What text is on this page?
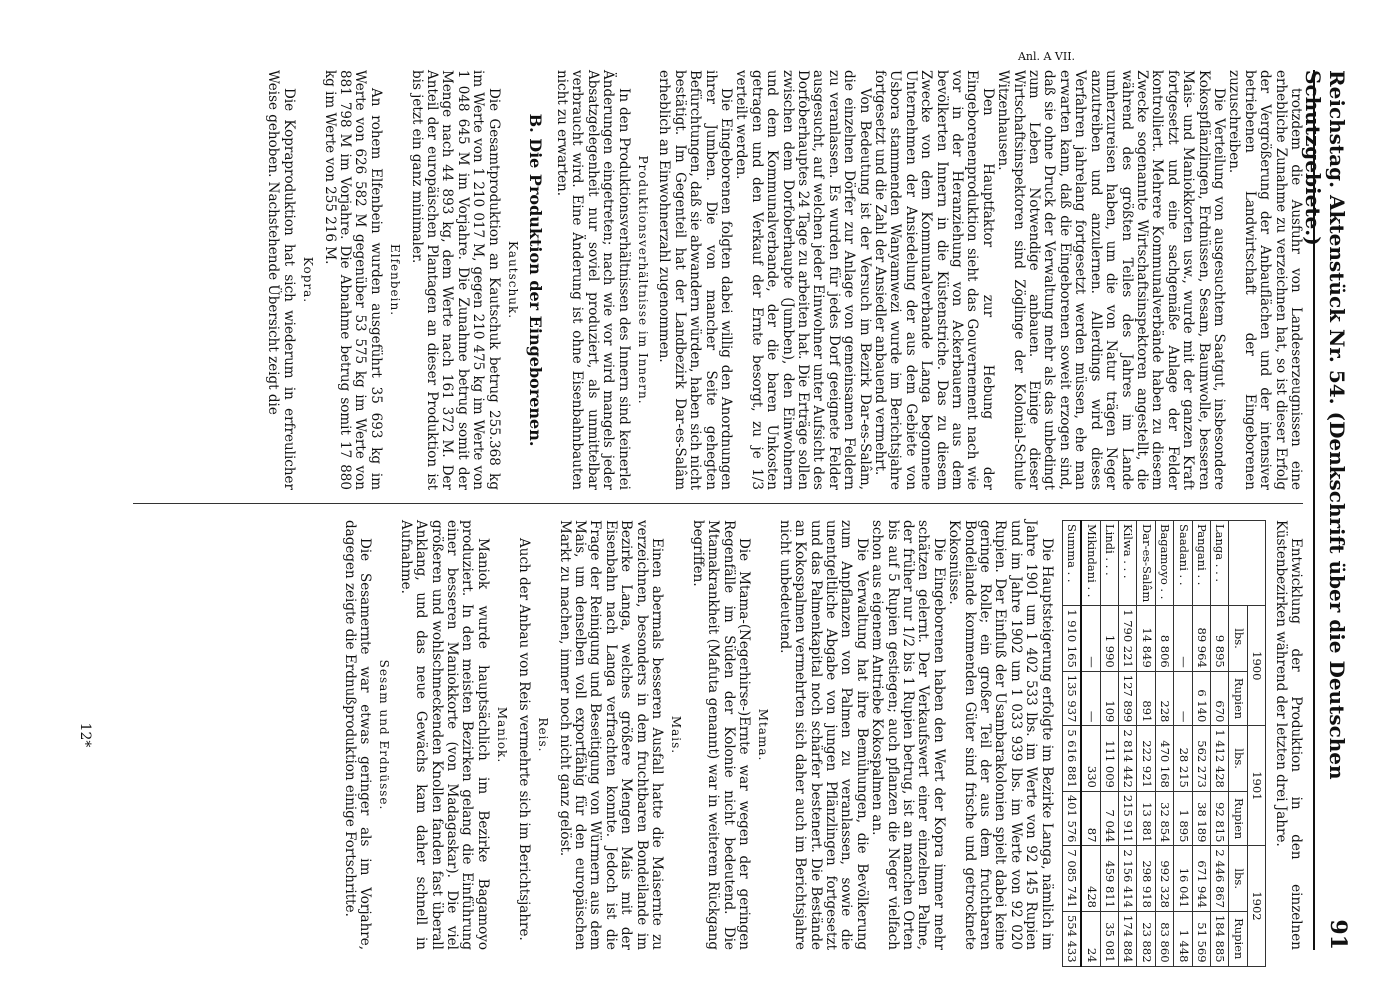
Reichstag. Aktenstück Nr. 54. (Denkschrift über die Deutschen Schutzgebiete.)
91
Anl. A VII.

trotzdem die Ausfuhr von Landeserzeugnissen eine erhebliche Zunahme zu verzeichnen hat, so ist dieser Erfolg der Vergrößerung der Anbauflächen und der intensiver betriebenen Landwirtschaft der Eingeborenen zuzuschreiben.

Die Verteilung von ausgesuchtem Saatgut, insbesondere Kokospflänzlingen, Erdnüssen, Sesam, Baumwolle, besseren Mais- und Maniokkorten usw., wurde mit der ganzen Kraft fortgesetzt und eine sachgemäße Anlage der Felder kontrolliert. Mehrere Kommunalverbände haben zu diesem Zwecke sogenannte Wirtschaftsinspektoren angestellt, die während des größten Teiles des Jahres im Lande umherzureisen haben, um die von Natur trägen Neger anzutreiben und anzulernen. Allerdings wird dieses Verfahren jahrelang fortgesetzt werden müssen, ehe man erwarten kann, daß die Eingeborenen soweit erzogen sind, daß sie ohne Druck der Verwaltung mehr als das unbedingt zum Leben Notwendige anbauen. Einige dieser Wirtschaftsinspektoren sind Zöglinge der Kolonial-Schule Witzenhausen.

Den Hauptfaktor zur Hebung der Eingeborenenproduktion sieht das Gouvernement nach wie vor in der Heranziehung von Ackerbauern aus dem bevölkerten Innern in die Küstenstriche. Das zu diesem Zwecke von dem Kommunalverbande Langa begonnene Unternehmen der Ansiedelung der aus dem Gebiete von Usbora stammenden Wanyamwezi wurde im Berichtsjahre fortgesetzt und die Zahl der Ansiedler anbauend vermehrt.

Von Bedeutung ist der Versuch im Bezirk Dar-es-Salâm, die einzelnen Dörfer zur Anlage von gemeinsamen Feldern zu veranlassen. Es wurden für jedes Dorf geeignete Felder ausgesucht, auf welchen jeder Einwohner unter Aufsicht des Dorfoberhauptes 24 Tage zu arbeiten hat. Die Erträge sollen zwischen dem Dorfoberhaupte (Jumben), den Einwohnern und dem Kommunalverbande, der die baren Unkosten getragen und den Verkauf der Ernte besorgt, zu je 1/3 verteilt werden.

Die Eingeborenen folgten dabei willig den Anordnungen ihrer Jumben. Die von mancher Seite gehegten Befürchtungen, daß sie abwandern würden, haben sich nicht bestätigt. Im Gegenteil hat der Landbezirk Dar-es-Salâm erheblich an Einwohnerzahl zugenommen.

Produktionsverhältnisse im Innern.

In den Produktionsverhältnissen des Innern sind keinerlei Änderungen eingetreten; nach wie vor wird mangels jeder Absatzgelegenheit nur soviel produziert, als unmittelbar verbraucht wird. Eine Änderung ist ohne Eisenbahnbauten nicht zu erwarten.

B. Die Produktion der Eingeborenen.
Kautschuk.

Die Gesamtproduktion an Kautschuk betrug 255.368 kg im Werte von 1 210 017 M, gegen 210 475 kg im Werte von 1 048 645 M im Vorjahre. Die Zunahme betrug somit der Menge nach 44 893 kg, dem Werte nach 161 372 M. Der Anteil der europäischen Plantagen an dieser Produktion ist bis jetzt ein ganz minimaler.

Elfenbein.

An rohem Elfenbein wurden ausgeführt 35 693 kg im Werte von 626 582 M gegenüber 53 575 kg im Werte von 881 798 M im Vorjahre. Die Abnahme betrug somit 17 880 kg im Werte von 255 216 M.

Kopra.

Die Kopraproduktion hat sich wiederum in erfreulicher Weise gehoben. Nachstehende Übersicht zeigt die

Entwicklung der Produktion in den einzelnen Küstenbezirken während der letzten drei Jahre.

	1900		1901		1902	
	lbs.	Rupien	lbs.	Rupien	lbs.	Rupien
Langa . . .	9 895	670	1 412 428	92 815	2 446 867	184 885
Pangani . .	89 964	6 140	562 273	38 189	671 944	51 569
Saadani . .	—	—	28 215	1 895	16 041	1 448
Bagamoyo . .	8 806	228	470 168	32 854	992 328	83 860
Dar-es-Salâm	14 849	891	222 921	13 881	298 918	23 882
Kilwa . . .	1 790 221	127 899	2 814 442	215 911	2 156 414	174 884
Lindi . . .	1 990	109	111 009	7 044	459 811	35 081
Mikindani . .	—	—	330	87	428	24
Summa . .	1 910 165	135 937	5 616 881	401 576	7 085 741	554 433

Die Hauptsteigerung erfolgte im Bezirke Langa, nämlich im Jahre 1901 um 1 402 533 lbs. im Werte von 92 145 Rupien und im Jahre 1902 um 1 033 939 lbs. im Werte von 92 020 Rupien. Der Einfluß der Usambarakolonien spielt dabei keine geringe Rolle; ein großer Teil der aus dem fruchtbaren Bondeilande kommenden Güter sind frische und getrocknete Kokosnüsse.

Die Eingeborenen haben den Wert der Kopra immer mehr schätzen gelernt. Der Verkaufswert einer einzelnen Palme, der früher nur 1/2 bis 1 Rupien betrug, ist an manchen Orten bis auf 5 Rupien gestiegen; auch pflanzen die Neger vielfach schon aus eigenem Antriebe Kokospalmen an.

Die Verwaltung hat ihre Bemühungen, die Bevölkerung zum Anpflanzen von Palmen zu veranlassen, sowie die unentgeltliche Abgabe von jungen Pflänzlingen fortgesetzt und das Palmenkapital noch schärfer bestenert. Die Bestände an Kokospalmen vermehrten sich daher auch im Berichtsjahre nicht unbedeutend.

Mtama.

Die Mtama-(Negerhirse-)Ernte war wegen der geringen Regenfälle im Süden der Kolonie nicht bedeutend. Die Mtamakrankheit (Mafuta genannt) war in weiterem Rückgang begriffen.

Mais.

Einen abermals besseren Ausfall hatte die Maisernte zu verzeichnen, besonders in dem fruchtbaren Bondeilande im Bezirke Langa, welches größere Mengen Mais mit der Eisenbahn nach Langa verfrachten konnte. Jedoch ist die Frage der Reinigung und Beseitigung von Würmern aus dem Mais, um denselben voll exportfähig für den europäischen Markt zu machen, immer noch nicht ganz gelöst.

Reis.

Auch der Anbau von Reis vermehrte sich im Berichtsjahre.

Maniok.

Maniok wurde hauptsächlich im Bezirke Bagamoyo produziert. In den meisten Bezirken gelang die Einführung einer besseren Maniokkorte (von Madagaskar). Die viel größeren und wohlschmeckenden Knollen fanden fast überall Anklang, und das neue Gewächs kam daher schnell in Aufnahme.

Sesam und Erdnüsse.

Die Sesamernte war etwas geringer als im Vorjahre, dagegen zeigte die Erdnußproduktion einige Fortschritte.

12*
